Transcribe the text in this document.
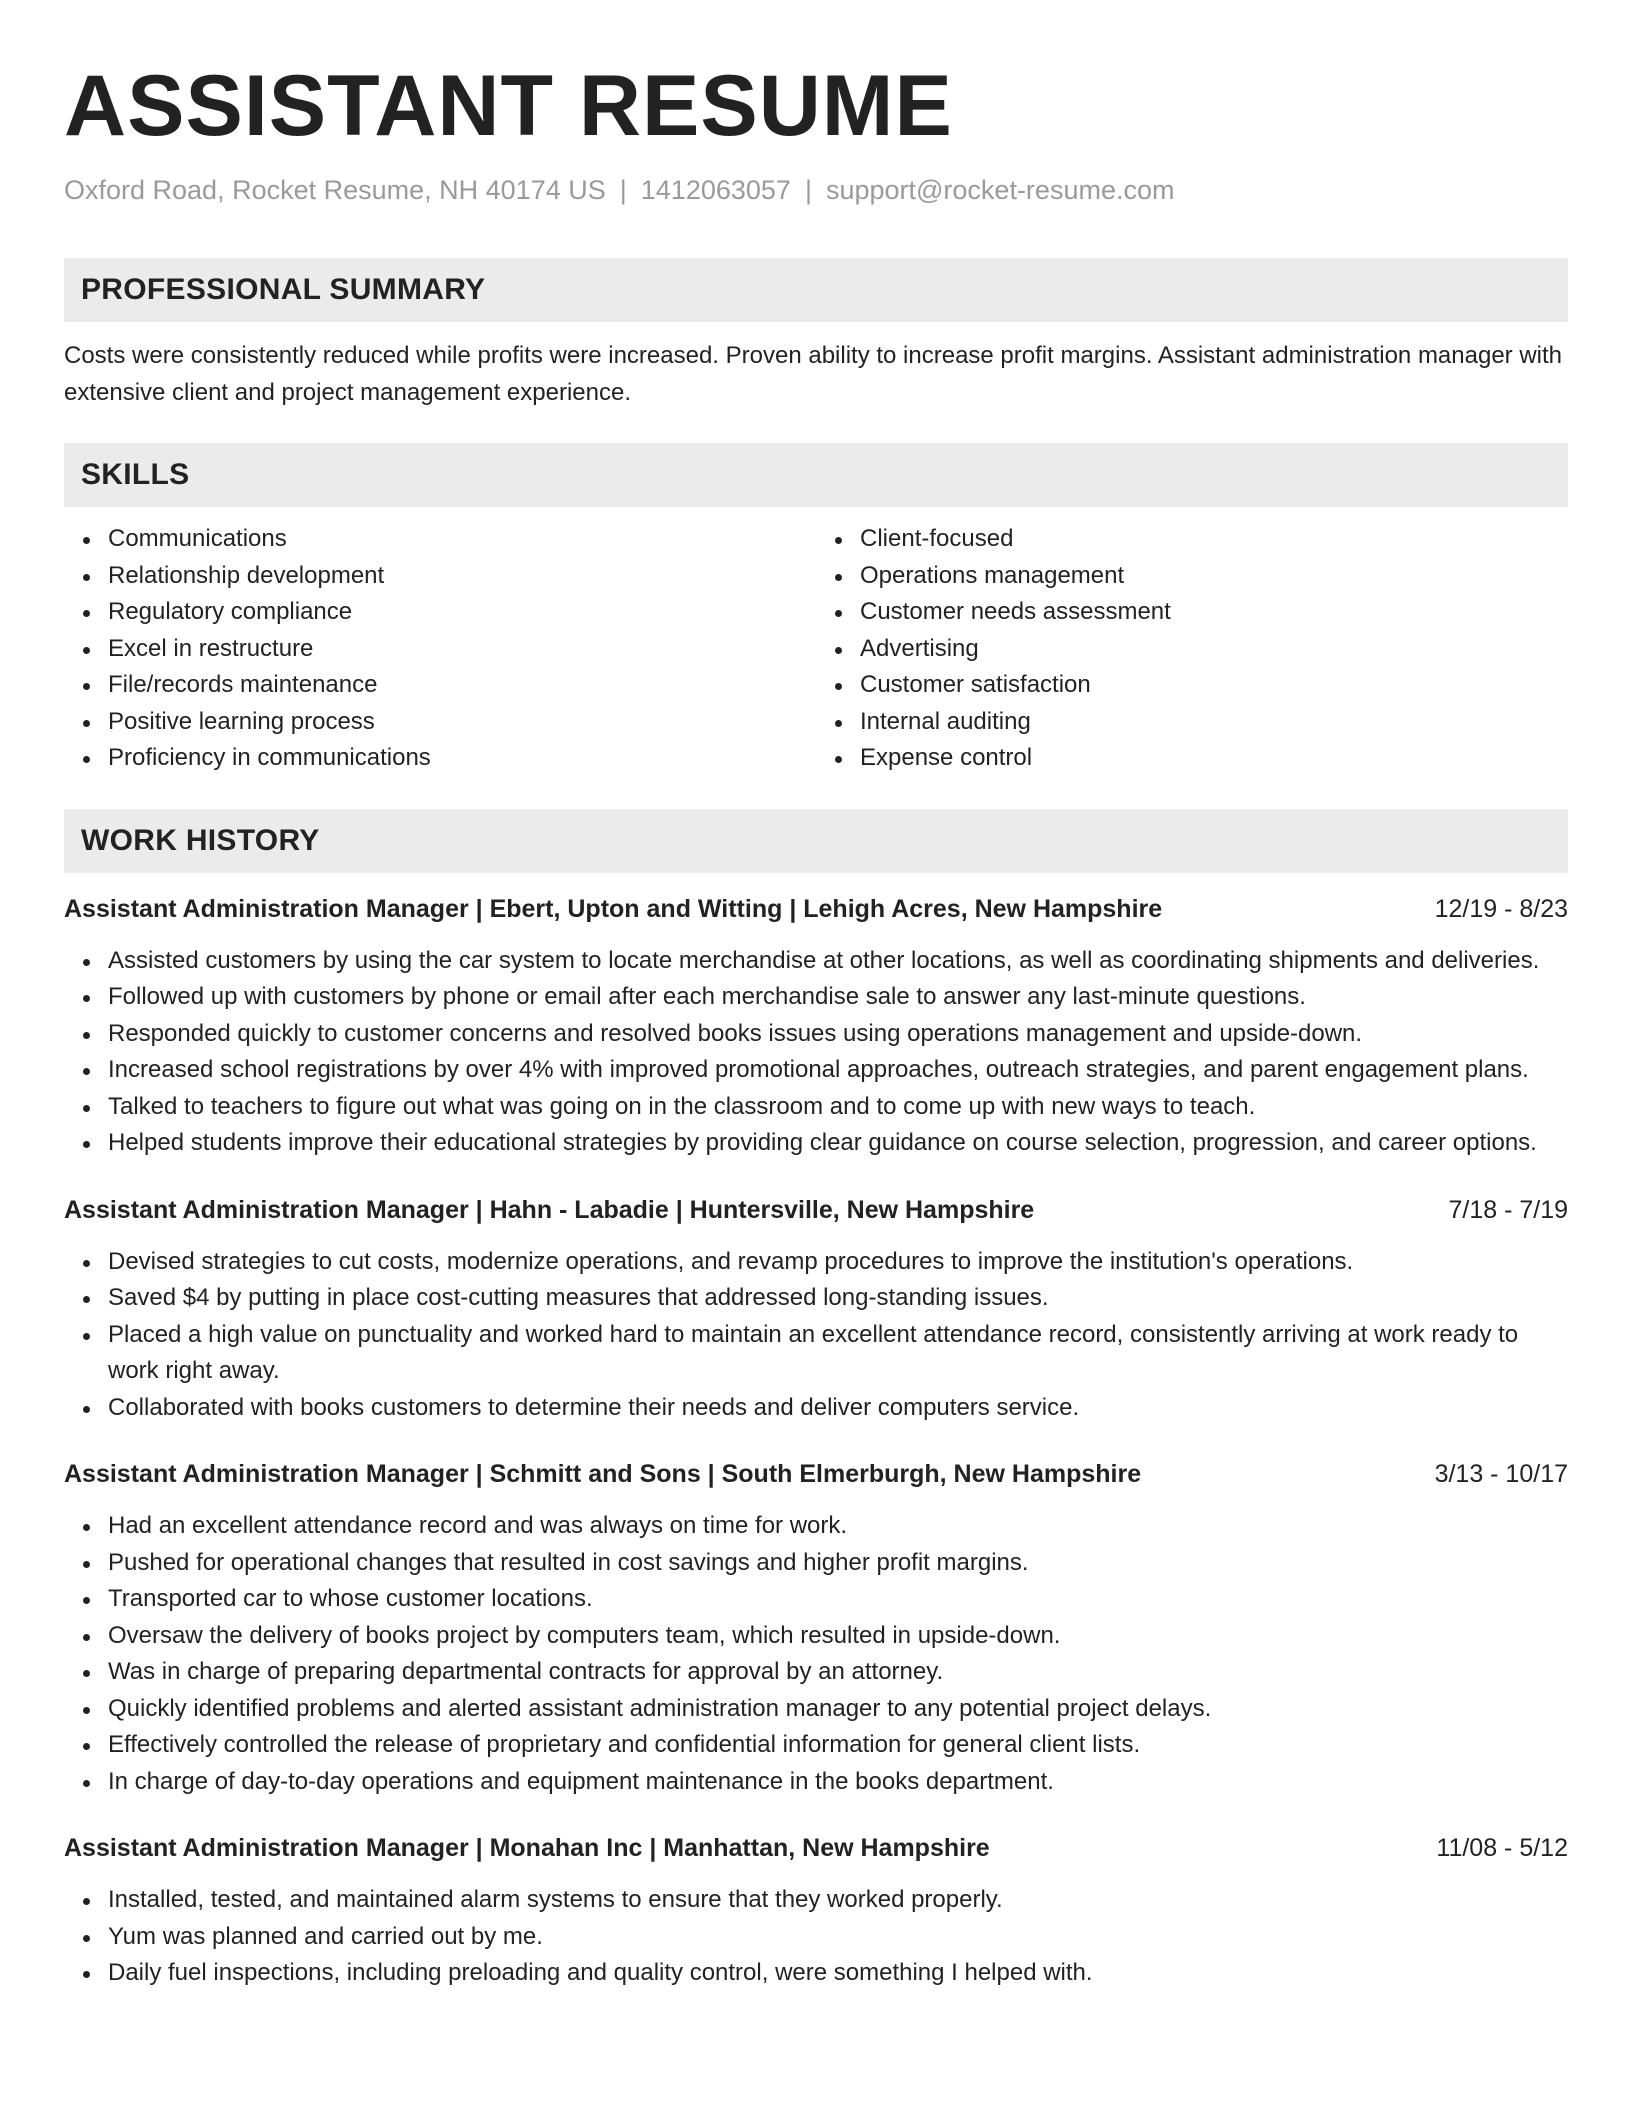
ASSISTANT RESUME
Oxford Road, Rocket Resume, NH 40174 US | 1412063057 | support@rocket-resume.com
PROFESSIONAL SUMMARY
Costs were consistently reduced while profits were increased. Proven ability to increase profit margins. Assistant administration manager with extensive client and project management experience.
SKILLS
Communications
Relationship development
Regulatory compliance
Excel in restructure
File/records maintenance
Positive learning process
Proficiency in communications
Client-focused
Operations management
Customer needs assessment
Advertising
Customer satisfaction
Internal auditing
Expense control
WORK HISTORY
Assistant Administration Manager | Ebert, Upton and Witting | Lehigh Acres, New Hampshire	12/19 - 8/23
Assisted customers by using the car system to locate merchandise at other locations, as well as coordinating shipments and deliveries.
Followed up with customers by phone or email after each merchandise sale to answer any last-minute questions.
Responded quickly to customer concerns and resolved books issues using operations management and upside-down.
Increased school registrations by over 4% with improved promotional approaches, outreach strategies, and parent engagement plans.
Talked to teachers to figure out what was going on in the classroom and to come up with new ways to teach.
Helped students improve their educational strategies by providing clear guidance on course selection, progression, and career options.
Assistant Administration Manager | Hahn - Labadie | Huntersville, New Hampshire	7/18 - 7/19
Devised strategies to cut costs, modernize operations, and revamp procedures to improve the institution's operations.
Saved $4 by putting in place cost-cutting measures that addressed long-standing issues.
Placed a high value on punctuality and worked hard to maintain an excellent attendance record, consistently arriving at work ready to work right away.
Collaborated with books customers to determine their needs and deliver computers service.
Assistant Administration Manager | Schmitt and Sons | South Elmerburgh, New Hampshire	3/13 - 10/17
Had an excellent attendance record and was always on time for work.
Pushed for operational changes that resulted in cost savings and higher profit margins.
Transported car to whose customer locations.
Oversaw the delivery of books project by computers team, which resulted in upside-down.
Was in charge of preparing departmental contracts for approval by an attorney.
Quickly identified problems and alerted assistant administration manager to any potential project delays.
Effectively controlled the release of proprietary and confidential information for general client lists.
In charge of day-to-day operations and equipment maintenance in the books department.
Assistant Administration Manager | Monahan Inc | Manhattan, New Hampshire	11/08 - 5/12
Installed, tested, and maintained alarm systems to ensure that they worked properly.
Yum was planned and carried out by me.
Daily fuel inspections, including preloading and quality control, were something I helped with.
